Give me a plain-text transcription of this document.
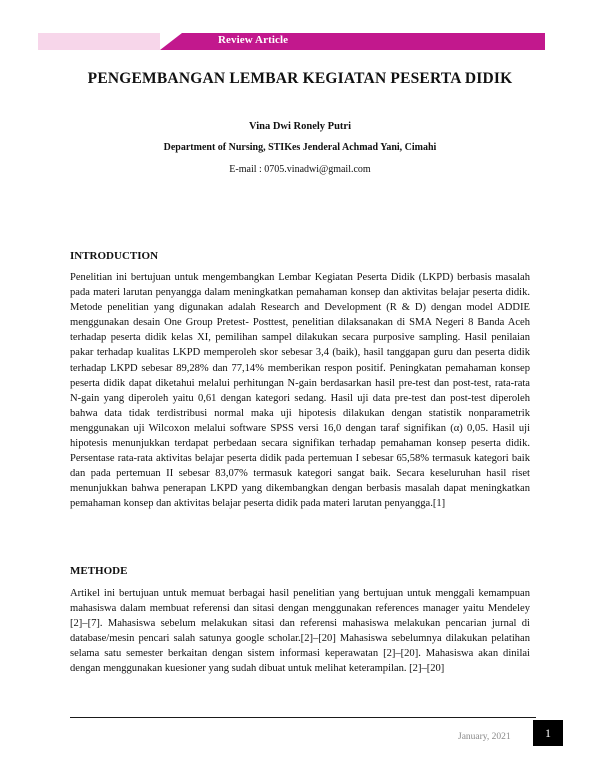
Review Article
PENGEMBANGAN LEMBAR KEGIATAN PESERTA DIDIK
Vina Dwi Ronely Putri
Department of Nursing, STIKes Jenderal Achmad Yani, Cimahi
E-mail : 0705.vinadwi@gmail.com
INTRODUCTION

Penelitian ini bertujuan untuk mengembangkan Lembar Kegiatan Peserta Didik (LKPD) berbasis masalah pada materi larutan penyangga dalam meningkatkan pemahaman konsep dan aktivitas belajar peserta didik. Metode penelitian yang digunakan adalah Research and Development (R & D) dengan model ADDIE menggunakan desain One Group Pretest- Posttest, penelitian dilaksanakan di SMA Negeri 8 Banda Aceh terhadap peserta didik kelas XI, pemilihan sampel dilakukan secara purposive sampling. Hasil penilaian pakar terhadap kualitas LKPD memperoleh skor sebesar 3,4 (baik), hasil tanggapan guru dan peserta didik terhadap LKPD sebesar 89,28% dan 77,14% memberikan respon positif. Peningkatan pemahaman konsep peserta didik dapat diketahui melalui perhitungan N-gain berdasarkan hasil pre-test dan post-test, rata-rata N-gain yang diperoleh yaitu 0,61 dengan kategori sedang. Hasil uji data pre-test dan post-test diperoleh bahwa data tidak terdistribusi normal maka uji hipotesis dilakukan dengan statistik nonparametrik menggunakan uji Wilcoxon melalui software SPSS versi 16,0 dengan taraf signifikan (α) 0,05. Hasil uji hipotesis menunjukkan terdapat perbedaan secara signifikan terhadap pemahaman konsep peserta didik. Persentase rata-rata aktivitas belajar peserta didik pada pertemuan I sebesar 65,58% termasuk kategori baik dan pada pertemuan II sebesar 83,07% termasuk kategori sangat baik. Secara keseluruhan hasil riset menunjukkan bahwa penerapan LKPD yang dikembangkan dengan berbasis masalah dapat meningkatkan pemahaman konsep dan aktivitas belajar peserta didik pada materi larutan penyangga.[1]

METHODE

Artikel ini bertujuan untuk memuat berbagai hasil penelitian yang bertujuan untuk menggali kemampuan mahasiswa dalam membuat referensi dan sitasi dengan menggunakan references manager yaitu Mendeley [2]–[7]. Mahasiswa sebelum melakukan sitasi dan referensi mahasiswa melakukan pencarian jurnal di database/mesin pencari salah satunya google scholar.[2]–[20] Mahasiswa sebelumnya dilakukan pelatihan selama satu semester berkaitan dengan sistem informasi keperawatan [2]–[20]. Mahasiswa akan dinilai dengan menggunakan kuesioner yang sudah dibuat untuk melihat keterampilan. [2]–[20]

January, 2021	1
